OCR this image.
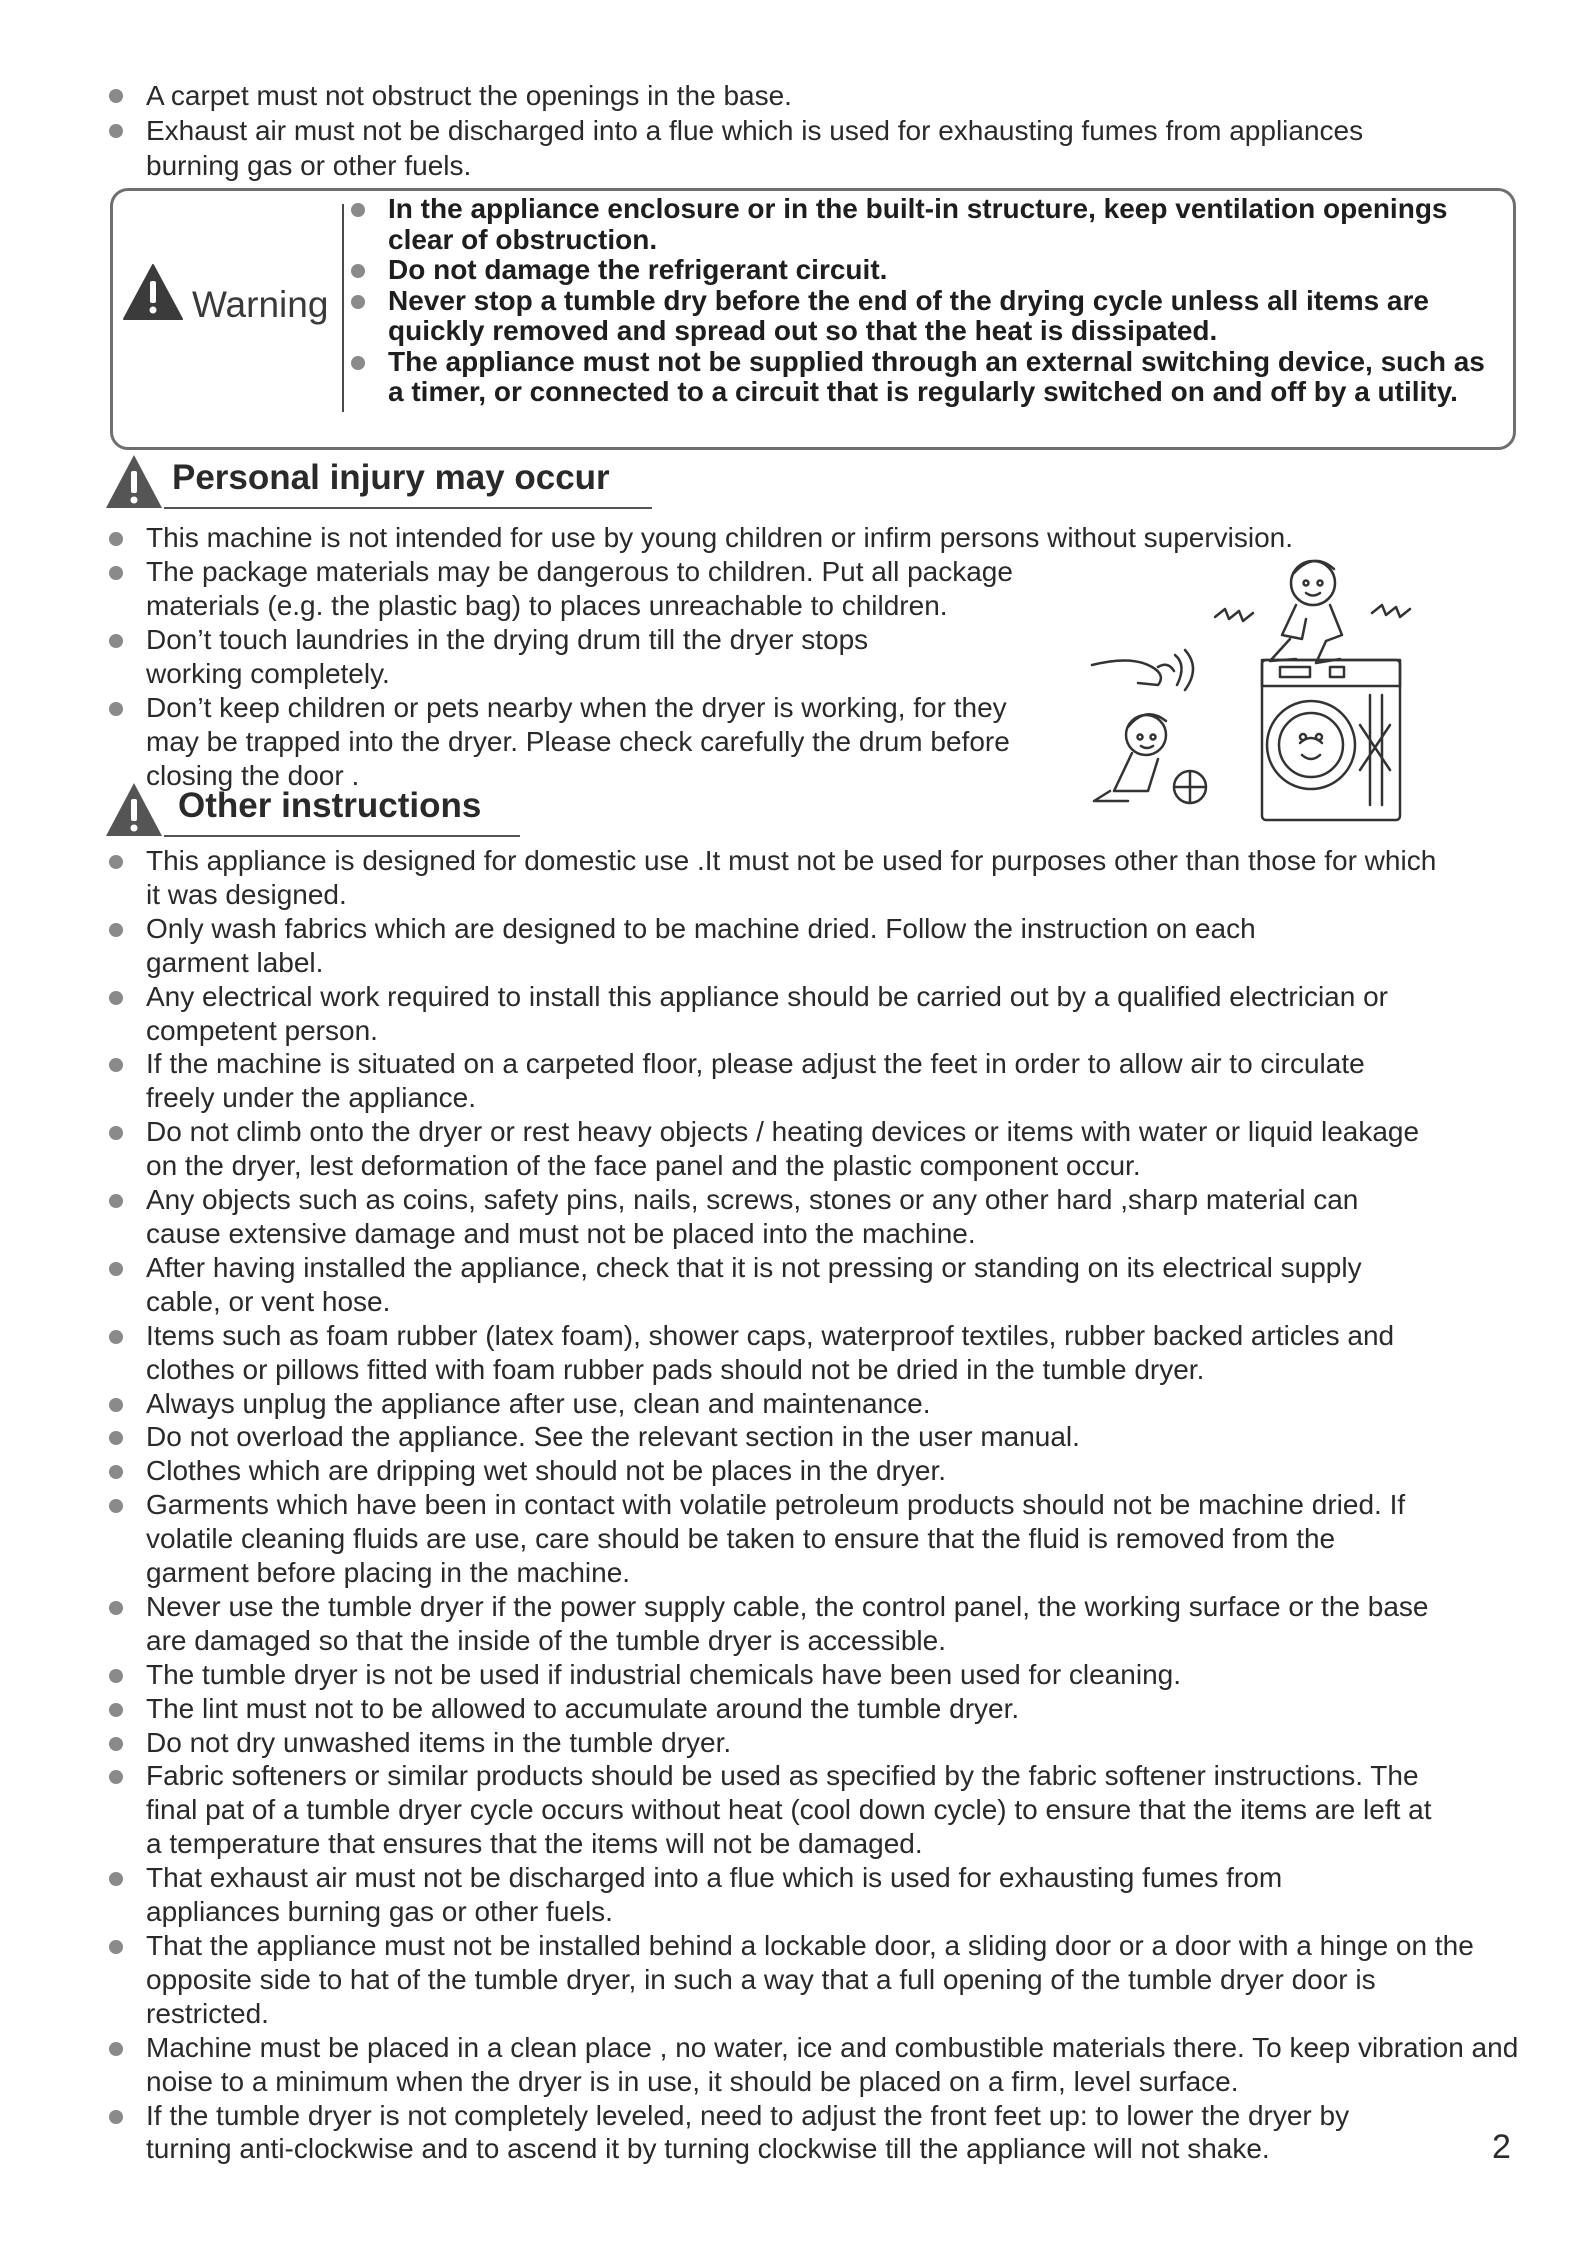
A carpet must not obstruct the openings in the base.
Exhaust air must not be discharged into a flue which is used for exhausting fumes from appliances burning gas or other fuels.
Warning
In the appliance enclosure or in the built-in structure, keep ventilation openings clear of obstruction.
Do not damage the refrigerant circuit.
Never stop a tumble dry before the end of the drying cycle unless all items are quickly removed and spread out so that the heat is dissipated.
The appliance must not be supplied through an external switching device, such as a timer, or connected to a circuit that is regularly switched on and off by a utility.
Personal injury may occur
This machine is not intended for use by young children or infirm persons without supervision.
The package materials may be dangerous to children. Put all package materials (e.g. the plastic bag) to places unreachable to children.
Don’t touch laundries in the drying drum till the dryer stops working completely.
Don’t keep children or pets nearby when the dryer is working, for they may be trapped into the dryer. Please check carefully the drum before closing the door .
Other instructions
This appliance is designed for domestic use .It must not be used for purposes other than those for which it was designed.
Only wash fabrics which are designed to be machine dried. Follow the instruction on each garment label.
Any electrical work required to install this appliance should be carried out by a qualified electrician or competent person.
If the machine is situated on a carpeted floor, please adjust the feet in order to allow air to circulate freely under the appliance.
Do not climb onto the dryer or rest heavy objects / heating devices or items with water or liquid leakage on the dryer, lest deformation of the face panel and the plastic component occur.
Any objects such as coins, safety pins, nails, screws, stones or any other hard ,sharp material can cause extensive damage and must not be placed into the machine.
After having installed the appliance, check that it is not pressing or standing on its electrical supply cable, or vent hose.
Items such as foam rubber (latex foam), shower caps, waterproof textiles, rubber backed articles and clothes or pillows fitted with foam rubber pads should not be dried in the tumble dryer.
Always unplug the appliance after use, clean and maintenance.
Do not overload the appliance. See the relevant section in the user manual.
Clothes which are dripping wet should not be places in the dryer.
Garments which have been in contact with volatile petroleum products should not be machine dried. If volatile cleaning fluids are use, care should be taken to ensure that the fluid is removed from the garment before placing in the machine.
Never use the tumble dryer if the power supply cable, the control panel, the working surface or the base are damaged so that the inside of the tumble dryer is accessible.
The tumble dryer is not be used if industrial chemicals have been used for cleaning.
The lint must not to be allowed to accumulate around the tumble dryer.
Do not dry unwashed items in the tumble dryer.
Fabric softeners or similar products should be used as specified by the fabric softener instructions. The final pat of a tumble dryer cycle occurs without heat (cool down cycle) to ensure that the items are left at a temperature that ensures that the items will not be damaged.
That exhaust air must not be discharged into a flue which is used for exhausting fumes from appliances burning gas or other fuels.
That the appliance must not be installed behind a lockable door, a sliding door or a door with a hinge on the opposite side to hat of the tumble dryer, in such a way that a full opening of the tumble dryer door is restricted.
Machine must be placed in a clean place , no water, ice and combustible materials there. To keep vibration and noise to a minimum when the dryer is in use, it should be placed on a firm, level surface.
If the tumble dryer is not completely leveled, need to adjust the front feet up: to lower the dryer by turning anti-clockwise and to ascend it by turning clockwise till the appliance will not shake.	2
